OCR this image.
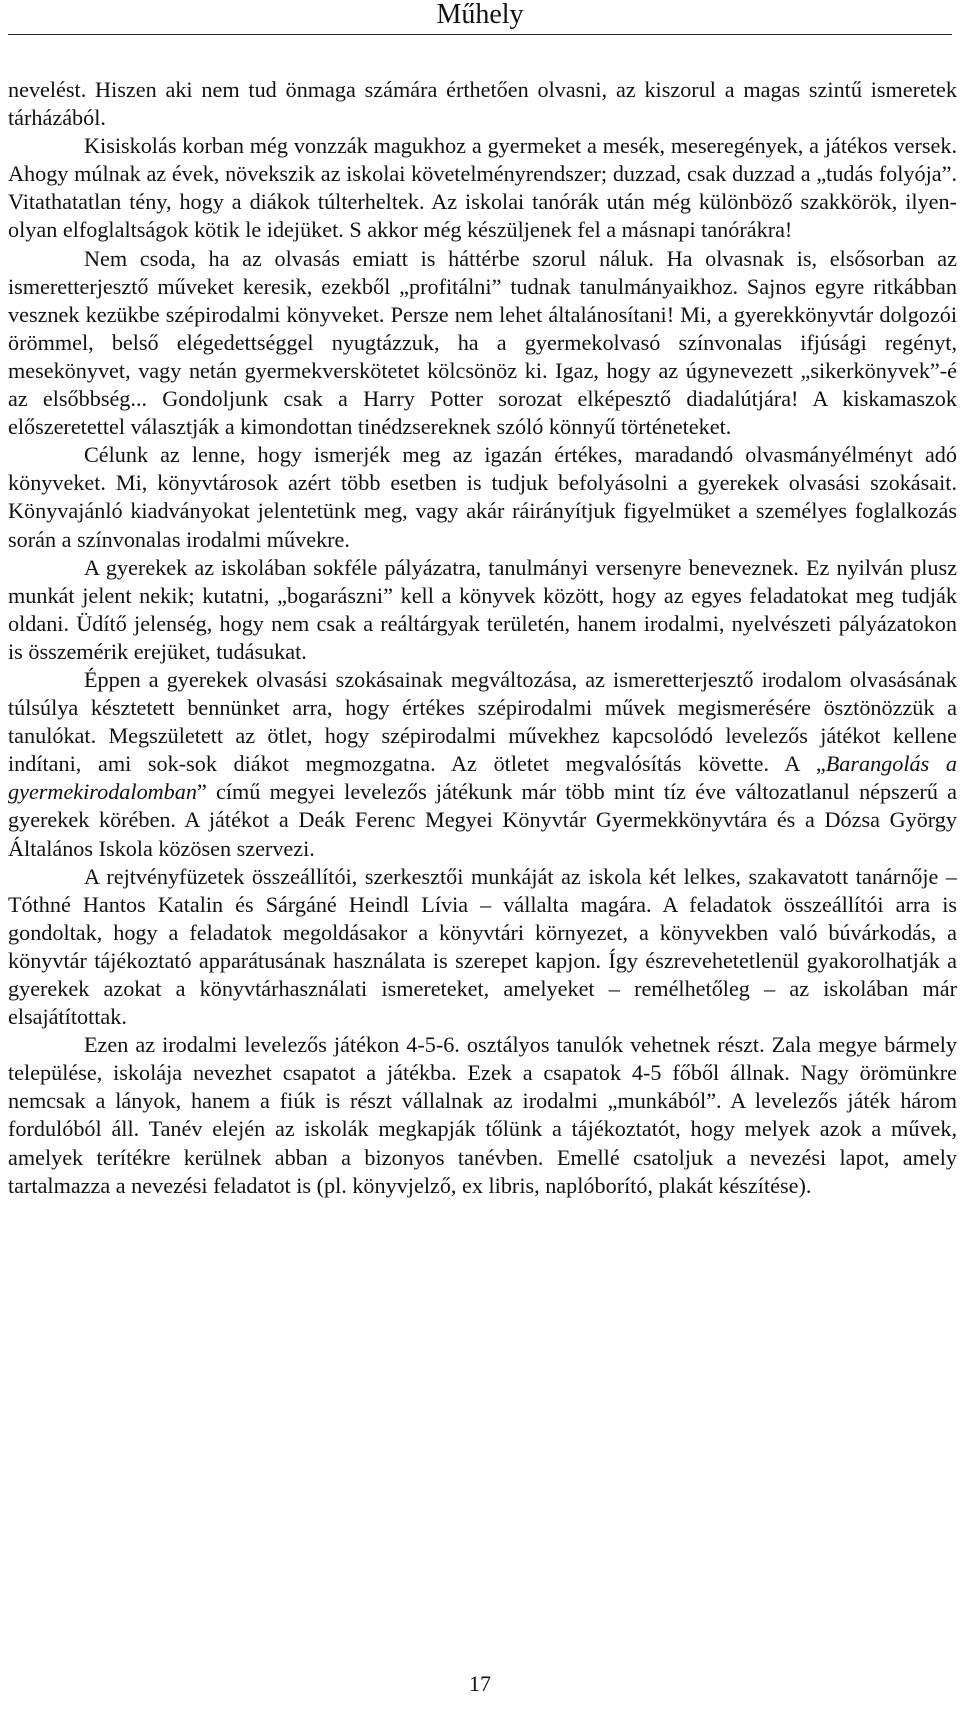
Műhely

nevelést. Hiszen aki nem tud önmaga számára érthetően olvasni, az kiszorul a magas szintű ismeretek tárházából.

Kisiskolás korban még vonzzák magukhoz a gyermeket a mesék, meseregények, a játékos versek. Ahogy múlnak az évek, növekszik az iskolai követelményrendszer; duzzad, csak duzzad a „tudás folyója”. Vitathatatlan tény, hogy a diákok túlterheltek. Az iskolai tanórák után még különböző szakkörök, ilyen-olyan elfoglaltságok kötik le idejüket. S akkor még készüljenek fel a másnapi tanórákra!

Nem csoda, ha az olvasás emiatt is háttérbe szorul náluk. Ha olvasnak is, elsősorban az ismeretterjesztő műveket keresik, ezekből „profitálni” tudnak tanulmányaikhoz. Sajnos egyre ritkábban vesznek kezükbe szépirodalmi könyveket. Persze nem lehet általánosítani! Mi, a gyerekkönyvtár dolgozói örömmel, belső elégedettséggel nyugtázzuk, ha a gyermekolvasó színvonalas ifjúsági regényt, mesekönyvet, vagy netán gyermekverskötetet kölcsönöz ki. Igaz, hogy az úgynevezett „sikerkönyvek”-é az elsőbbség... Gondoljunk csak a Harry Potter sorozat elképesztő diadalútjára! A kiskamaszok előszeretettel választják a kimondottan tinédzsereknek szóló könnyű történeteket.

Célunk az lenne, hogy ismerjék meg az igazán értékes, maradandó olvasmányélményt adó könyveket. Mi, könyvtárosok azért több esetben is tudjuk befolyásolni a gyerekek olvasási szokásait. Könyvajánló kiadványokat jelentetünk meg, vagy akár ráirányítjuk figyelmüket a személyes foglalkozás során a színvonalas irodalmi művekre.

A gyerekek az iskolában sokféle pályázatra, tanulmányi versenyre beneveznek. Ez nyilván plusz munkát jelent nekik; kutatni, „bogarászni” kell a könyvek között, hogy az egyes feladatokat meg tudják oldani. Üdítő jelenség, hogy nem csak a reáltárgyak területén, hanem irodalmi, nyelvészeti pályázatokon is összemérik erejüket, tudásukat.

Éppen a gyerekek olvasási szokásainak megváltozása, az ismeretterjesztő irodalom olvasásának túlsúlya késztetett bennünket arra, hogy értékes szépirodalmi művek megismerésére ösztönözzük a tanulókat. Megszületett az ötlet, hogy szépirodalmi művekhez kapcsolódó levelezős játékot kellene indítani, ami sok-sok diákot megmozgatna. Az ötletet megvalósítás követte. A „Barangolás a gyermekirodalomban” című megyei levelezős játékunk már több mint tíz éve változatlanul népszerű a gyerekek körében. A játékot a Deák Ferenc Megyei Könyvtár Gyermekkönyvtára és a Dózsa György Általános Iskola közösen szervezi.

A rejtvényfüzetek összeállítói, szerkesztői munkáját az iskola két lelkes, szakavatott tanárnője – Tóthné Hantos Katalin és Sárgáné Heindl Lívia – vállalta magára. A feladatok összeállítói arra is gondoltak, hogy a feladatok megoldásakor a könyvtári környezet, a könyvekben való búvárkodás, a könyvtár tájékoztató apparátusának használata is szerepet kapjon. Így észrevehetetlenül gyakorolhatják a gyerekek azokat a könyvtárhasználati ismereteket, amelyeket – remélhetőleg – az iskolában már elsajátítottak.

Ezen az irodalmi levelezős játékon 4-5-6. osztályos tanulók vehetnek részt. Zala megye bármely települése, iskolája nevezhet csapatot a játékba. Ezek a csapatok 4-5 főből állnak. Nagy örömünkre nemcsak a lányok, hanem a fiúk is részt vállalnak az irodalmi „munkából”. A levelezős játék három fordulóból áll. Tanév elején az iskolák megkapják tőlünk a tájékoztatót, hogy melyek azok a művek, amelyek terítékre kerülnek abban a bizonyos tanévben. Emellé csatoljuk a nevezési lapot, amely tartalmazza a nevezési feladatot is (pl. könyvjelző, ex libris, naplóborító, plakát készítése).

17
